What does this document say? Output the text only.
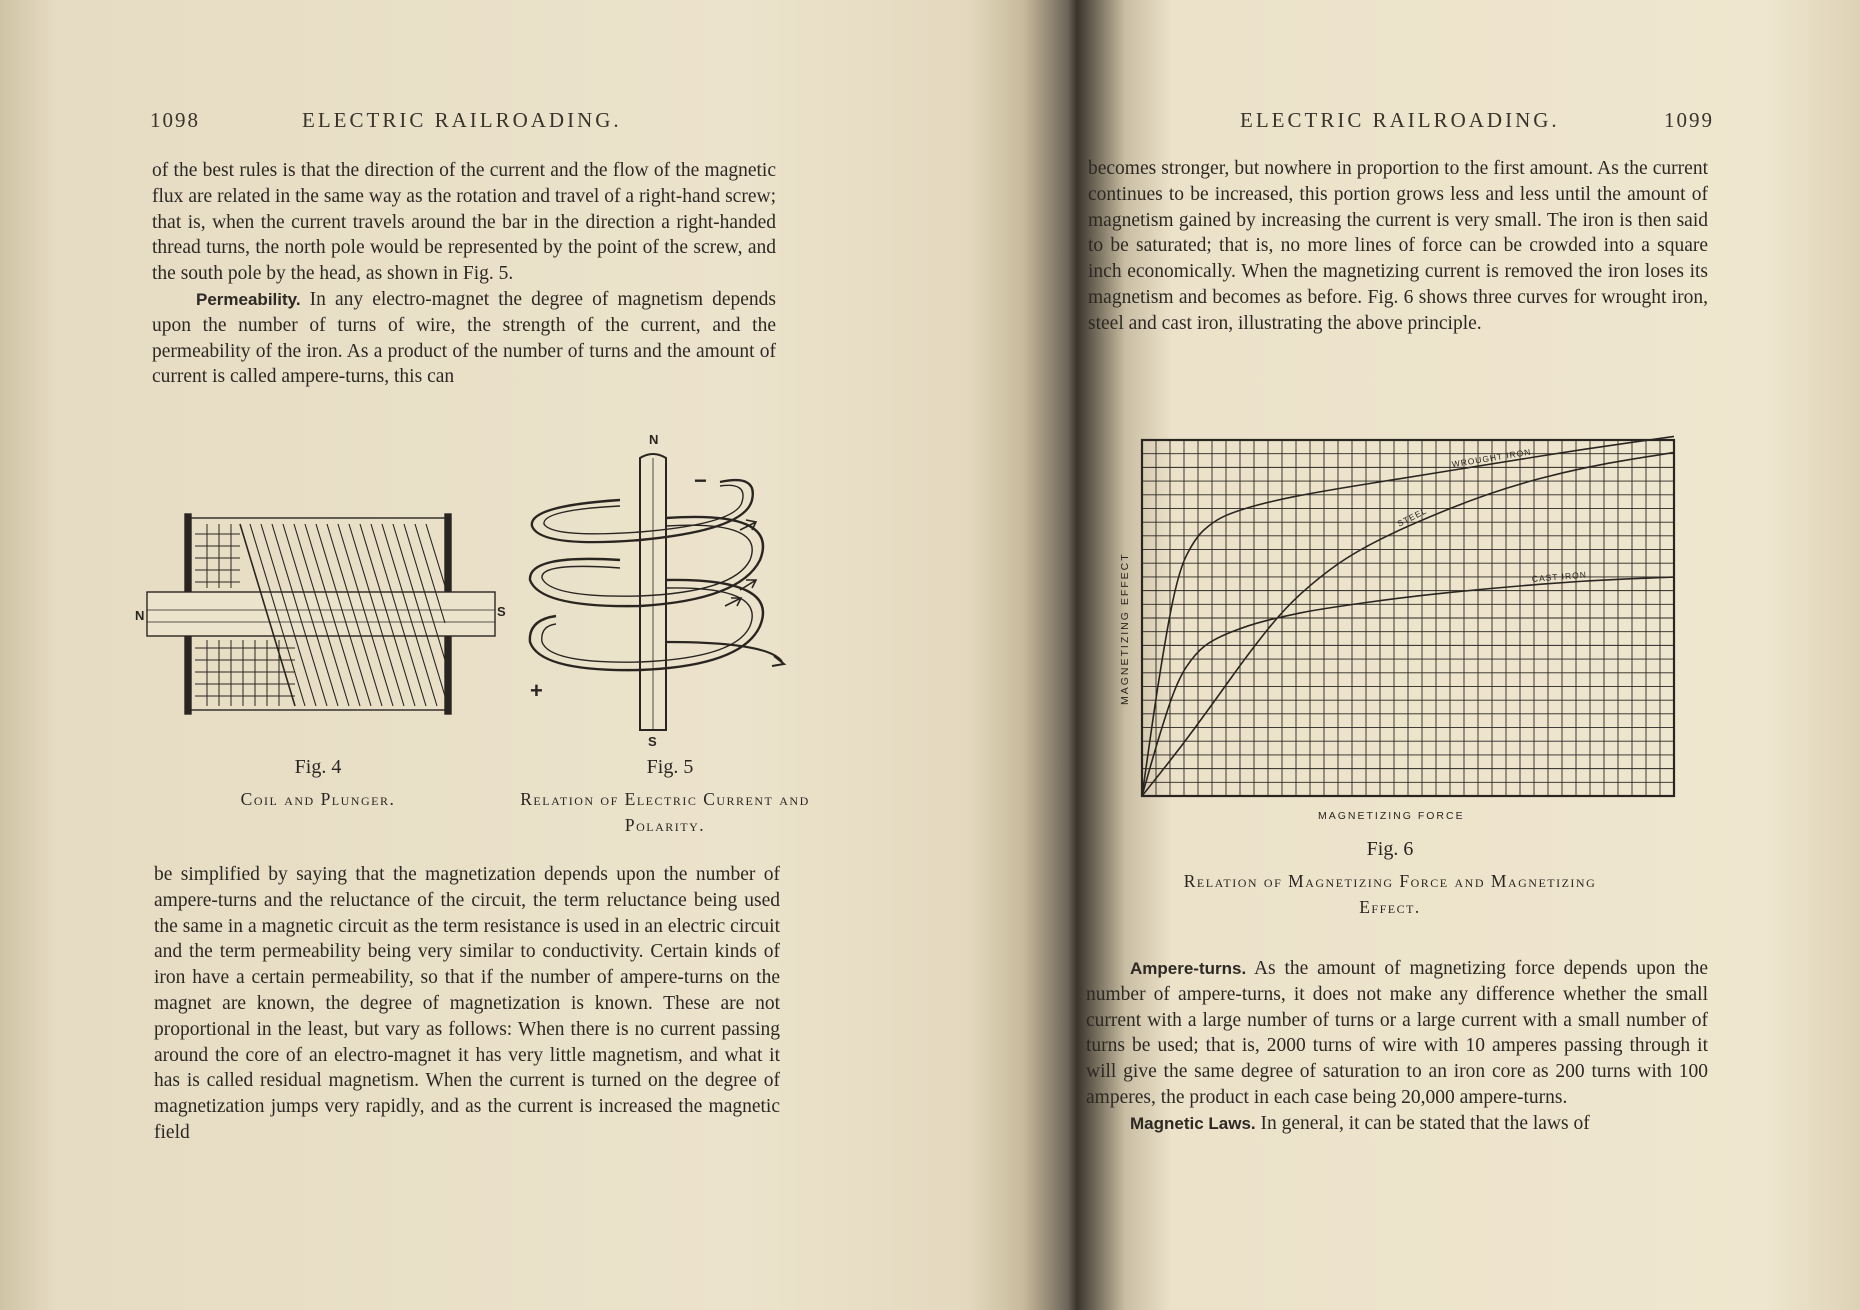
1098	ELECTRIC RAILROADING.

of the best rules is that the direction of the current and the flow of the magnetic flux are related in the same way as the rotation and travel of a right-hand screw; that is, when the current travels around the bar in the direction a right-handed thread turns, the north pole would be represented by the point of the screw, and the south pole by the head, as shown in Fig. 5.

Permeability. In any electro-magnet the degree of magnetism depends upon the number of turns of wire, the strength of the current, and the permeability of the iron. As a product of the number of turns and the amount of current is called ampere-turns, this can

N	S
N
−
+
S
Fig. 4
Coil and Plunger.
Fig. 5
Relation of Electric Current and Polarity.

be simplified by saying that the magnetization depends upon the number of ampere-turns and the reluctance of the circuit, the term reluctance being used the same in a magnetic circuit as the term resistance is used in an electric circuit and the term permeability being very similar to conductivity. Certain kinds of iron have a certain permeability, so that if the number of ampere-turns on the magnet are known, the degree of magnetization is known. These are not proportional in the least, but vary as follows: When there is no current passing around the core of an electro-magnet it has very little magnetism, and what it has is called residual magnetism. When the current is turned on the degree of magnetization jumps very rapidly, and as the current is increased the magnetic field

ELECTRIC RAILROADING.	1099

becomes stronger, but nowhere in proportion to the first amount. As the current continues to be increased, this portion grows less and less until the amount of magnetism gained by increasing the current is very small. The iron is then said to be saturated; that is, no more lines of force can be crowded into a square inch economically. When the magnetizing current is removed the iron loses its magnetism and becomes as before. Fig. 6 shows three curves for wrought iron, steel and cast iron, illustrating the above principle.

WROUGHT IRON
STEEL
CAST IRON
MAGNETIZING EFFECT
MAGNETIZING FORCE
Fig. 6
Relation of Magnetizing Force and Magnetizing
Effect.

Ampere-turns. As the amount of magnetizing force depends upon the number of ampere-turns, it does not make any difference whether the small current with a large number of turns or a large current with a small number of turns be used; that is, 2000 turns of wire with 10 amperes passing through it will give the same degree of saturation to an iron core as 200 turns with 100 amperes, the product in each case being 20,000 ampere-turns.

Magnetic Laws. In general, it can be stated that the laws of
